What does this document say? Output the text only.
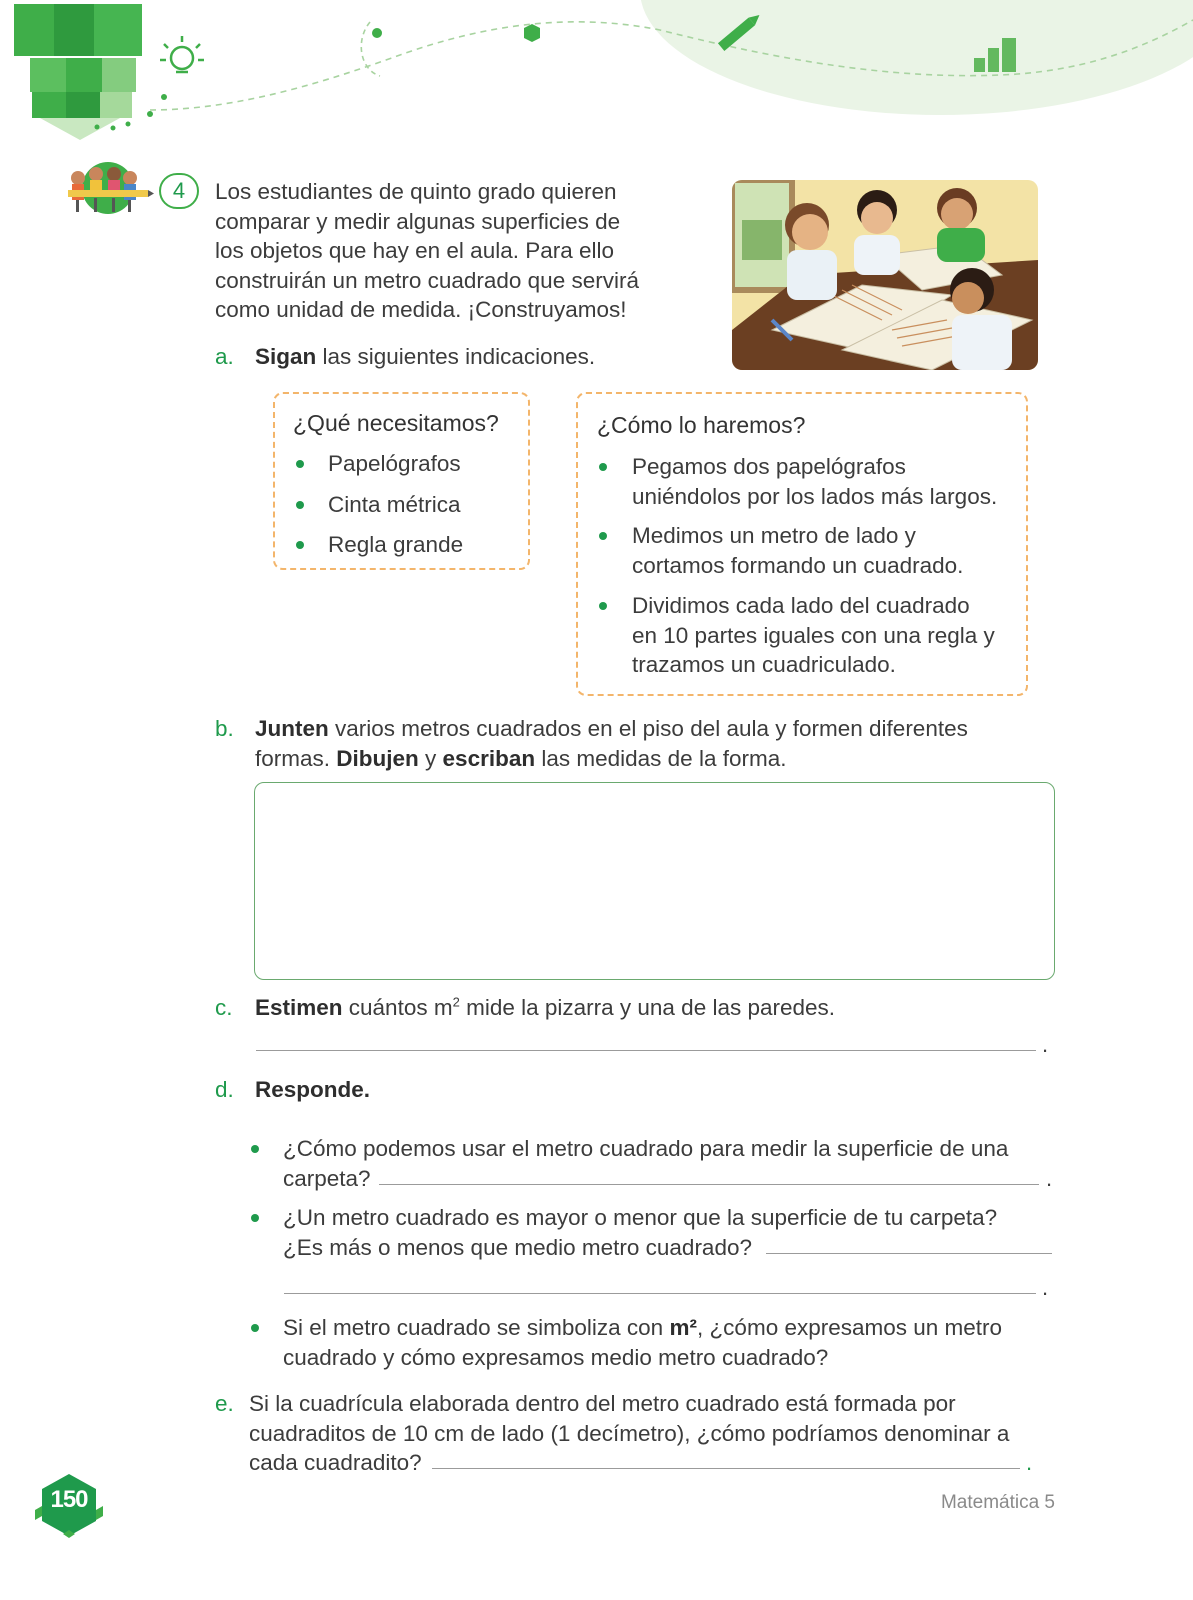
4	Los estudiantes de quinto grado quieren
comparar y medir algunas superficies de
los objetos que hay en el aula. Para ello
construirán un metro cuadrado que servirá
como unidad de medida. ¡Construyamos!
a. Sigan las siguientes indicaciones.
¿Qué necesitamos?
Papelógrafos
Cinta métrica
Regla grande
¿Cómo lo haremos?
Pegamos dos papelógrafos
uniéndolos por los lados más largos.
Medimos un metro de lado y
cortamos formando un cuadrado.
Dividimos cada lado del cuadrado
en 10 partes iguales con una regla y
trazamos un cuadriculado.
b. Junten varios metros cuadrados en el piso del aula y formen diferentes
formas. Dibujen y escriban las medidas de la forma.
c. Estimen cuántos $m^2$ mide la pizarra y una de las paredes.
.
d. Responde.
¿Cómo podemos usar el metro cuadrado para medir la superficie de una
carpeta?	.
¿Un metro cuadrado es mayor o menor que la superficie de tu carpeta?
¿Es más o menos que medio metro cuadrado?
.
Si el metro cuadrado se simboliza con m², ¿cómo expresamos un metro
cuadrado y cómo expresamos medio metro cuadrado?
e. Si la cuadrícula elaborada dentro del metro cuadrado está formada por
cuadraditos de 10 cm de lado (1 decímetro), ¿cómo podríamos denominar a
cada cuadradito?	.
150	Matemática 5
